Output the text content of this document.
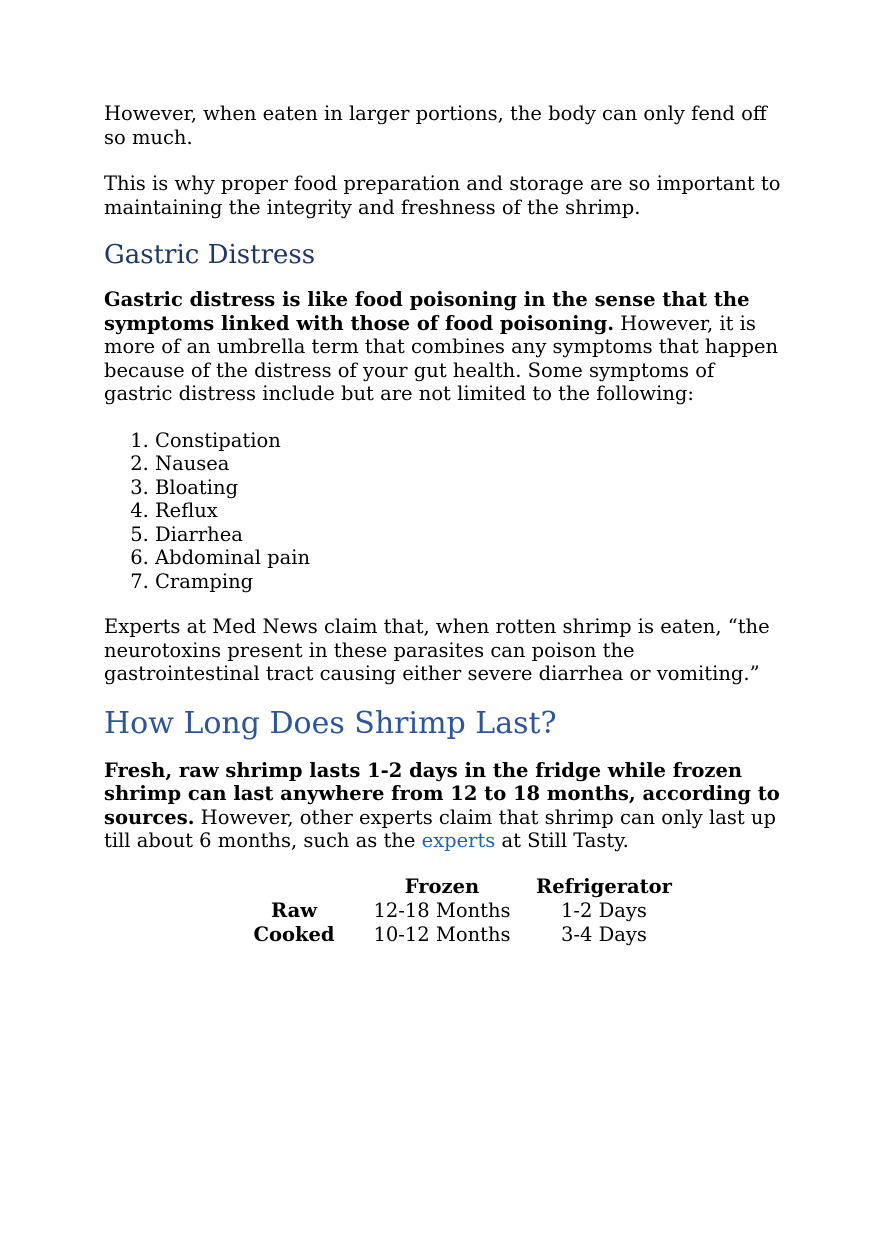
However, when eaten in larger portions, the body can only fend off so much.

This is why proper food preparation and storage are so important to maintaining the integrity and freshness of the shrimp.

Gastric Distress

Gastric distress is like food poisoning in the sense that the symptoms linked with those of food poisoning. However, it is more of an umbrella term that combines any symptoms that happen because of the distress of your gut health. Some symptoms of gastric distress include but are not limited to the following:

1. Constipation
2. Nausea
3. Bloating
4. Reflux
5. Diarrhea
6. Abdominal pain
7. Cramping

Experts at Med News claim that, when rotten shrimp is eaten, “the neurotoxins present in these parasites can poison the gastrointestinal tract causing either severe diarrhea or vomiting.”

How Long Does Shrimp Last?

Fresh, raw shrimp lasts 1-2 days in the fridge while frozen shrimp can last anywhere from 12 to 18 months, according to sources. However, other experts claim that shrimp can only last up till about 6 months, such as the experts at Still Tasty.

	Frozen	Refrigerator
Raw	12-18 Months	1-2 Days
Cooked	10-12 Months	3-4 Days
